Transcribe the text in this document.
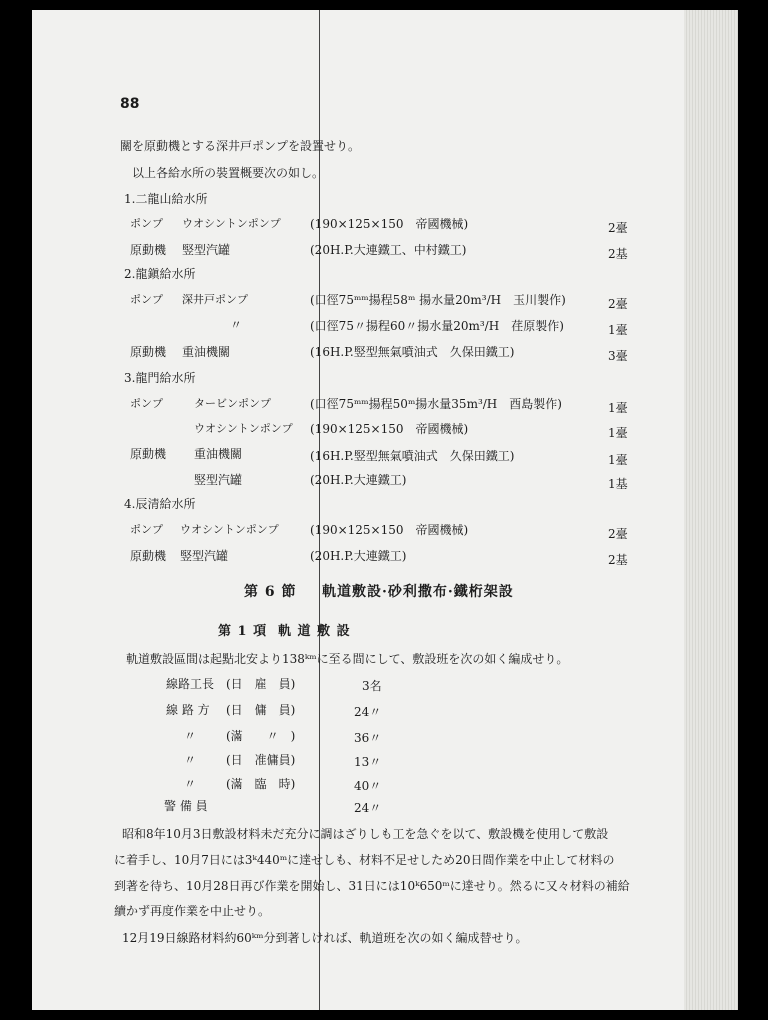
88
關を原動機とする深井戸ポンプを設置せり。
以上各給水所の裝置概要次の如し。
1.二龍山給水所
ポンプ ウオシントンポンプ (190×125×150　帝國機械)	2臺
原動機 竪型汽罐	(20H.P.大連鐵工、中村鐵工)	2基
2.龍鎭給水所
ポンプ 深井戸ポンプ	(口徑75ᵐᵐ揚程58ᵐ 揚水量20m³/H　玉川製作)	2臺
〃	(口徑75〃揚程60〃揚水量20m³/H　荏原製作)	1臺
原動機 重油機關	(16H.P.竪型無氣噴油式　久保田鐵工)	3臺
3.龍門給水所
ポンプ	タービンポンプ	(口徑75ᵐᵐ揚程50ᵐ揚水量35m³/H　酉島製作)	1臺
ウオシントンポンプ (190×125×150　帝國機械)	1臺
原動機 重油機關	(16H.P.竪型無氣噴油式　久保田鐵工)	1臺
竪型汽罐	(20H.P.大連鐵工)	1基
4.辰清給水所
ポンプ ウオシントンポンプ	(190×125×150　帝國機械)	2臺
原動機 竪型汽罐	(20H.P.大連鐵工)	2基
第 6 節 軌道敷設·砂利撒布·鐵桁架設
第 1 項 軌 道 敷 設
軌道敷設區間は起點北安より138ᵏᵐに至る間にして、敷設班を次の如く編成せり。
線路工長 (日　雇　員)	3名
線 路 方 (日　傭　員)	24〃
〃 (滿　　〃　)	36〃
〃 (日　准傭員)	13〃
〃 (滿　臨　時)	40〃
警 備 員	24〃
昭和8年10月3日敷設材料未だ充分に調はざりしも工を急ぐを以て、敷設機を使用して敷設
に着手し、10月7日には3ᵏ440ᵐに達せしも、材料不足せしため20日間作業を中止して材料の
到著を待ち、10月28日再び作業を開始し、31日には10ᵏ650ᵐに達せり。然るに又々材料の補給
續かず再度作業を中止せり。
12月19日線路材料約60ᵏᵐ分到著しければ、軌道班を次の如く編成替せり。
